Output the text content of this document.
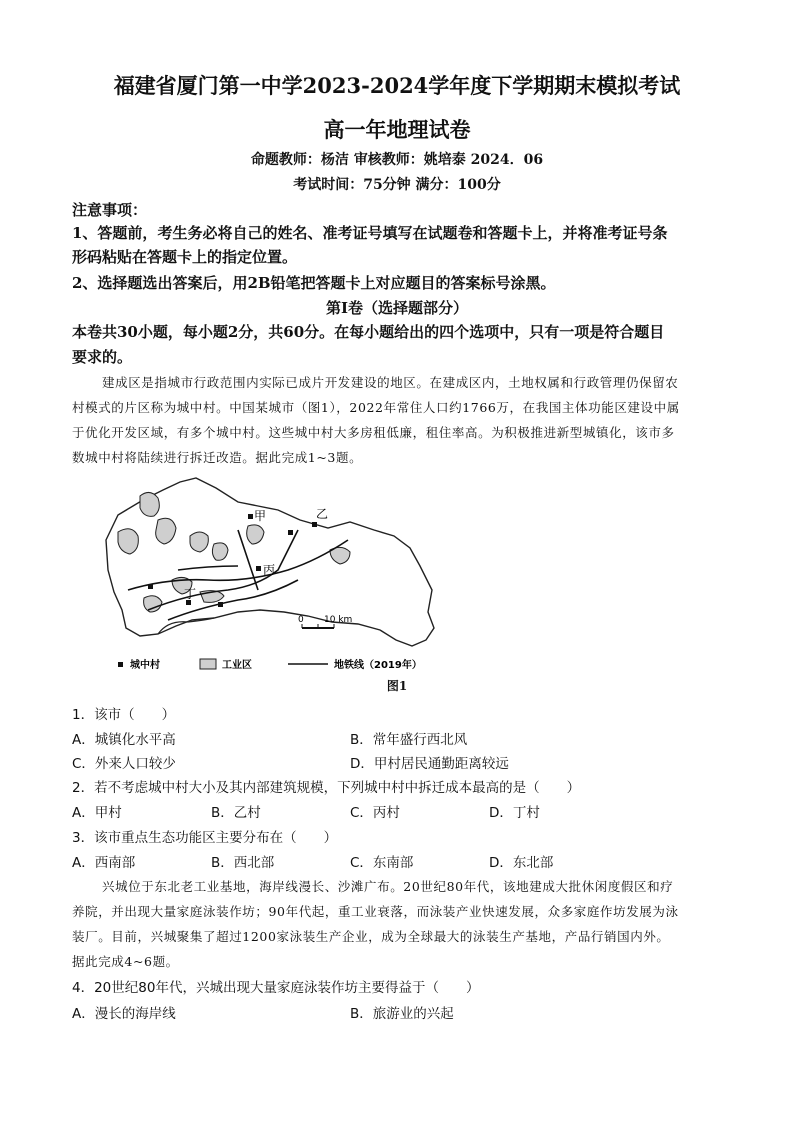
福建省厦门第一中学2023-2024学年度下学期期末模拟考试
高一年地理试卷
命题教师：杨洁 审核教师：姚培泰 2024．06
考试时间：75分钟 满分：100分
注意事项：
1、答题前，考生务必将自己的姓名、准考证号填写在试题卷和答题卡上，并将准考证号条
形码粘贴在答题卡上的指定位置。
2、选择题选出答案后，用2B铅笔把答题卡上对应题目的答案标号涂黑。
第Ⅰ卷（选择题部分）
本卷共30小题，每小题2分，共60分。在每小题给出的四个选项中，只有一项是符合题目
要求的。
建成区是指城市行政范围内实际已成片开发建设的地区。在建成区内，土地权属和行政管理仍保留农
村模式的片区称为城中村。中国某城市（图1），2022年常住人口约1766万，在我国主体功能区建设中属
于优化开发区域，有多个城中村。这些城中村大多房租低廉，租住率高。为积极推进新型城镇化，该市多
数城中村将陆续进行拆迁改造。据此完成1~3题。
甲	乙
丙
丁
0 10 km
城中村	工业区	地铁线（2019年）
图1
1．该市（　　）
A．城镇化水平高	B．常年盛行西北风
C．外来人口较少	D．甲村居民通勤距离较远
2．若不考虑城中村大小及其内部建筑规模，下列城中村中拆迁成本最高的是（　　）
A．甲村	B．乙村	C．丙村	D．丁村
3．该市重点生态功能区主要分布在（　　）
A．西南部	B．西北部	C．东南部	D．东北部
兴城位于东北老工业基地，海岸线漫长、沙滩广布。20世纪80年代，该地建成大批休闲度假区和疗
养院，并出现大量家庭泳装作坊；90年代起，重工业衰落，而泳装产业快速发展，众多家庭作坊发展为泳
装厂。目前，兴城聚集了超过1200家泳装生产企业，成为全球最大的泳装生产基地，产品行销国内外。
据此完成4~6题。
4．20世纪80年代，兴城出现大量家庭泳装作坊主要得益于（　　）
A．漫长的海岸线	B．旅游业的兴起
